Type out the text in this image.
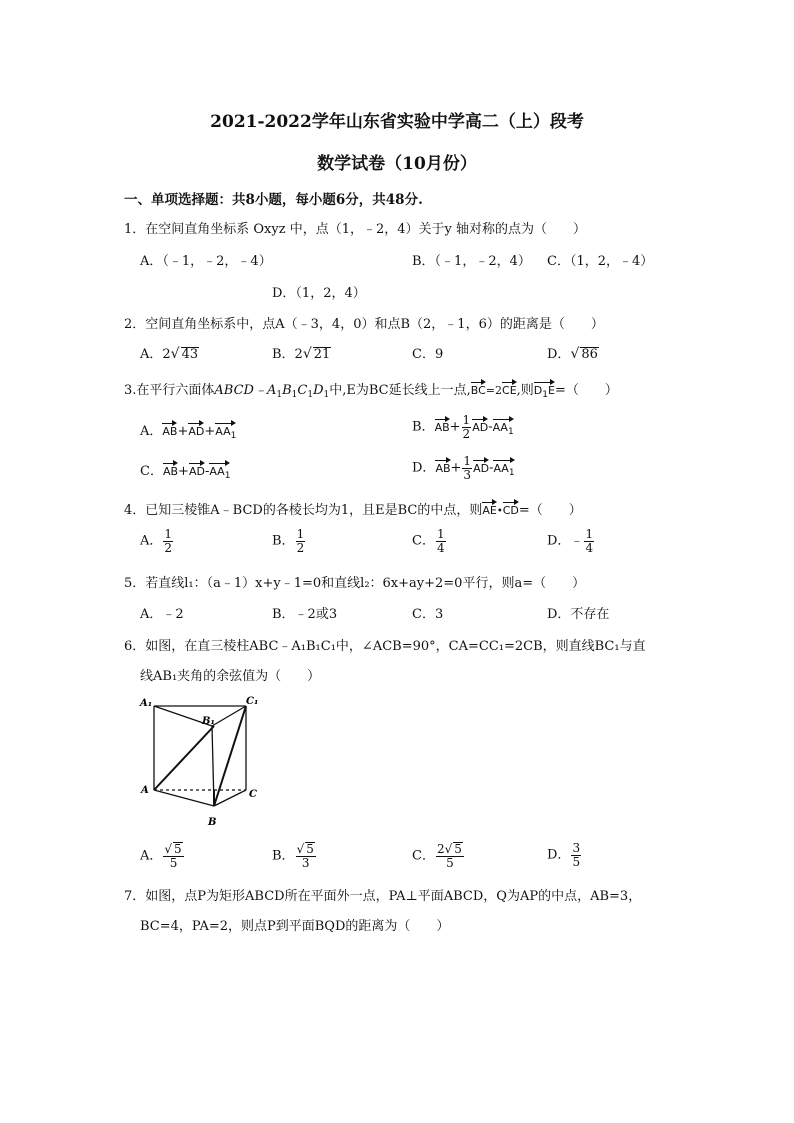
2021-2022学年山东省实验中学高二（上）段考
数学试卷（10月份）
一、单项选择题：共8小题，每小题6分，共48分.
1．在空间直角坐标系 Oxyz 中，点（1，﹣2，4）关于y 轴对称的点为（　　）
A．（﹣1，﹣2，﹣4）	B．（﹣1，﹣2，4） C．（1，2，﹣4）
D．（1，2，4）
2．空间直角坐标系中，点A（﹣3，4，0）和点B（2，﹣1，6）的距离是（　　）
A．2√ 43	B．2√ 21	C．9	D．√ 86
3.在平行六面体$ABCD﹣A_1B_1C_1D_1$中,E为BC延长线上一点,BC=2CE,则$D_1E=$（　　）
A．$AB+AD+AA_1$
B．$AB+ \frac{1}{2} AD-AA_1$
C．$AB+AD-AA_1$
D．$AB+ \frac{1}{3} AD-AA_1$
4．已知三棱锥A﹣BCD的各棱长均为1，且E是BC的中点，则AE•CD=（　　）
A． $\frac{1}{2}$	B． $\frac{1}{2}$	C． $\frac{1}{4}$	D．﹣ $\frac{1}{4}$
5．若直线l₁：（a﹣1）x+y﹣1=0和直线l₂：6x+ay+2=0平行，则a=（　　）
A．﹣2	B．﹣2或3	C．3	D．不存在
6．如图，在直三棱柱ABC﹣A₁B₁C₁中，∠ACB=90°，CA=CC₁=2CB，则直线BC₁与直
线AB₁夹角的余弦值为（　　）
A₁
B₁
C₁
A	C
B
A． $\frac{√ 5}{5}$	B． $\frac{√ 5}{3}$	C． $\frac{2√ 5}{5}$	D． $\frac{3}{5}$
7．如图，点P为矩形ABCD所在平面外一点，PA⊥平面ABCD，Q为AP的中点，AB=3，
BC=4，PA=2，则点P到平面BQD的距离为（　　）
